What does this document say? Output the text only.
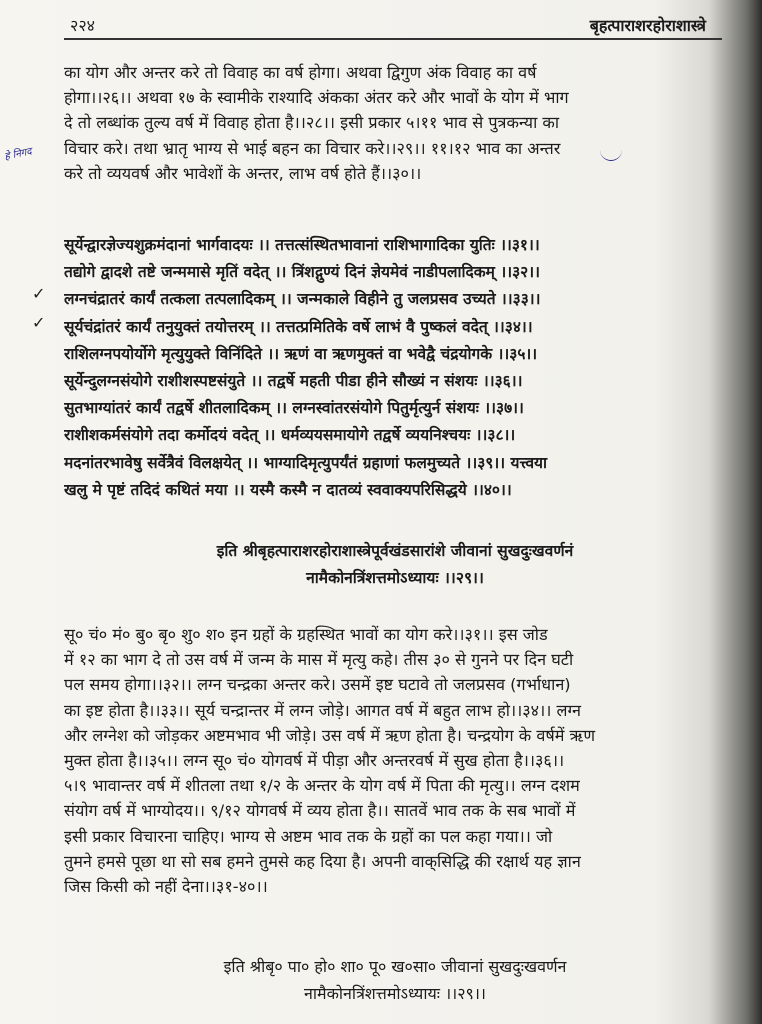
२२४	बृहत्पाराशरहोराशास्त्रे
हे निगद
✓
✓
का योग और अन्तर करे तो विवाह का वर्ष होगा। अथवा द्विगुण अंक विवाह का वर्ष
होगा।।२६।। अथवा १७ के स्वामीके राश्यादि अंकका अंतर करे और भावों के योग में भाग
दे तो लब्धांक तुल्य वर्ष में विवाह होता है।।२८।। इसी प्रकार ५।११ भाव से पुत्रकन्या का
विचार करे। तथा भ्रातृ भाग्य से भाई बहन का विचार करे।।२९।। ११।१२ भाव का अन्तर
करे तो व्ययवर्ष और भावेशों के अन्तर, लाभ वर्ष होते हैं।।३०।।
सूर्येन्द्वारज्ञेज्यशुक्रमंदानां भार्गवादयः ।। तत्तत्संस्थितभावानां राशिभागादिका युतिः ।।३१।।
तद्योगे द्वादशे तष्टे जन्ममासे मृतिं वदेत् ।। त्रिंशद्गुण्यं दिनं ज्ञेयमेवं नाडीपलादिकम् ।।३२।।
लग्नचंद्रातरं कार्यं तत्कला तत्पलादिकम् ।। जन्मकाले विहीने तु जलप्रसव उच्यते ।।३३।।
सूर्यचंद्रांतरं कार्यं तनुयुक्तं तयोत्तरम् ।। तत्तत्प्रमितिके वर्षे लाभं वै पुष्कलं वदेत् ।।३४।।
राशिलग्नपयोर्योगे मृत्युयुक्ते विनिंदिते ।। ऋणं वा ऋणमुक्तं वा भवेद्वै चंद्रयोगके ।।३५।।
सूर्येन्दुलग्नसंयोगे राशीशस्पष्टसंयुते ।। तद्वर्षे महती पीडा हीने सौख्यं न संशयः ।।३६।।
सुतभाग्यांतरं कार्यं तद्वर्षे शीतलादिकम् ।। लग्नस्वांतरसंयोगे पितुर्मृत्युर्न संशयः ।।३७।।
राशीशकर्मसंयोगे तदा कर्मोदयं वदेत् ।। धर्मव्ययसमायोगे तद्वर्षे व्ययनिश्चयः ।।३८।।
मदनांतरभावेषु सर्वेत्रैवं विलक्षयेत् ।। भाग्यादिमृत्युपर्यंतं ग्रहाणां फलमुच्यते ।।३९।। यत्त्वया
खलु मे पृष्टं तदिदं कथितं मया ।। यस्मै कस्मै न दातव्यं स्ववाक्यपरिसिद्धये ।।४०।।
इति श्रीबृहत्पाराशरहोराशास्त्रेपूर्वखंडसारांशे जीवानां सुखदुःखवर्णनं
नामैकोनत्रिंशत्तमोऽध्यायः ।।२९।।
सू० चं० मं० बु० बृ० शु० श० इन ग्रहों के ग्रहस्थित भावों का योग करे।।३१।। इस जोड
में १२ का भाग दे तो उस वर्ष में जन्म के मास में मृत्यु कहे। तीस ३० से गुनने पर दिन घटी
पल समय होगा।।३२।। लग्न चन्द्रका अन्तर करे। उसमें इष्ट घटावे तो जलप्रसव (गर्भाधान)
का इष्ट होता है।।३३।। सूर्य चन्द्रान्तर में लग्न जोड़े। आगत वर्ष में बहुत लाभ हो।।३४।। लग्न
और लग्नेश को जोड़कर अष्टमभाव भी जोड़े। उस वर्ष में ऋण होता है। चन्द्रयोग के वर्षमें ऋण
मुक्त होता है।।३५।। लग्न सू० चं० योगवर्ष में पीड़ा और अन्तरवर्ष में सुख होता है।।३६।।
५।९ भावान्तर वर्ष में शीतला तथा १/२ के अन्तर के योग वर्ष में पिता की मृत्यु।। लग्न दशम
संयोग वर्ष में भाग्योदय।। ९/१२ योगवर्ष में व्यय होता है।। सातवें भाव तक के सब भावों में
इसी प्रकार विचारना चाहिए। भाग्य से अष्टम भाव तक के ग्रहों का पल कहा गया।। जो
तुमने हमसे पूछा था सो सब हमने तुमसे कह दिया है। अपनी वाक्‌सिद्धि की रक्षार्थ यह ज्ञान
जिस किसी को नहीं देना।।३१-४०।।
इति श्रीबृ० पा० हो० शा० पू० ख०सा० जीवानां सुखदुःखवर्णन
नामैकोनत्रिंशत्तमोऽध्यायः ।।२९।।
